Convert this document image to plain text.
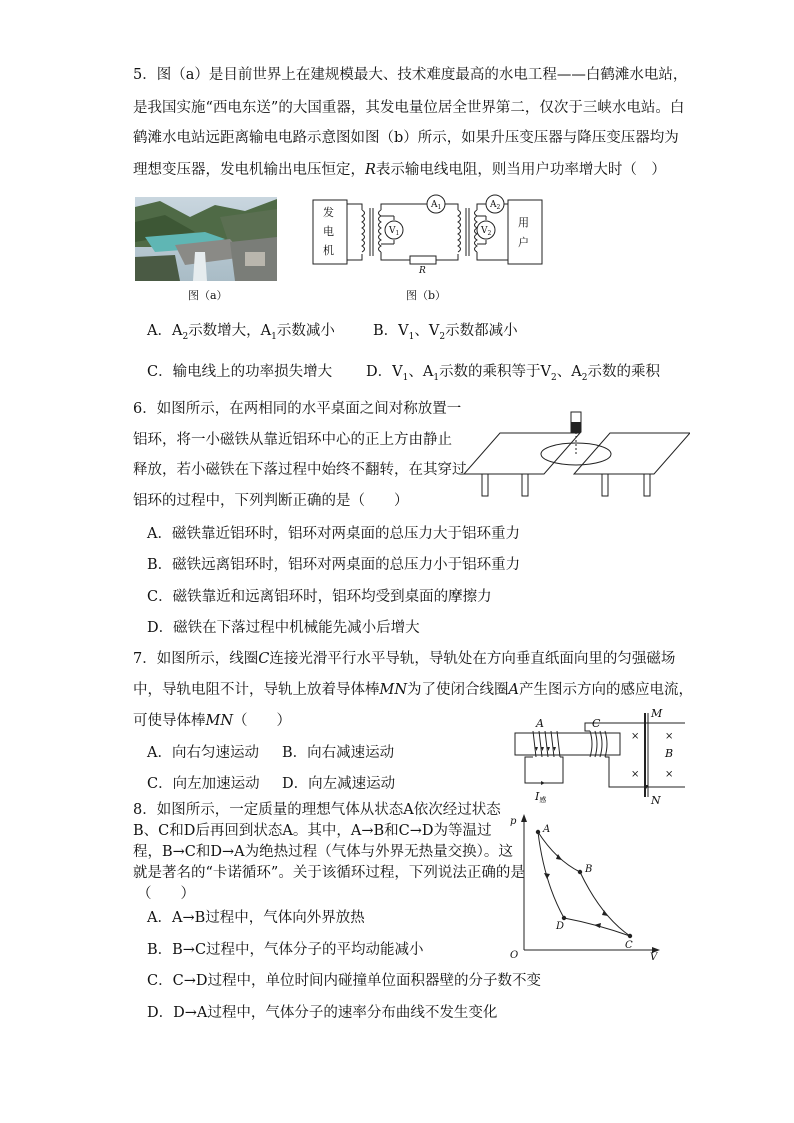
5．图（a）是目前世界上在建规模最大、技术难度最高的水电工程——白鹤滩水电站，
是我国实施“西电东送”的大国重器，其发电量位居全世界第二，仅次于三峡水电站。白
鹤滩水电站远距离输电电路示意图如图（b）所示，如果升压变压器与降压变压器均为
理想变压器，发电机输出电压恒定，R表示输电线电阻，则当用户功率增大时（　）
图（a）
发
电
机
用
户
$V_1$
$A_1$	$A_2$
$V_2$
R
图（b）
A．$A_2$示数增大，$A_1$示数减小	B．$V_1$、$V_2$示数都减小
C．输电线上的功率损失增大 D．$V_1$、$A_1$示数的乘积等于$V_2$、$A_2$示数的乘积
6．如图所示，在两相同的水平桌面之间对称放置一
铝环，将一小磁铁从靠近铝环中心的正上方由静止
释放，若小磁铁在下落过程中始终不翻转，在其穿过
铝环的过程中，下列判断正确的是（　　）
A．磁铁靠近铝环时，铝环对两桌面的总压力大于铝环重力
B．磁铁远离铝环时，铝环对两桌面的总压力小于铝环重力
C．磁铁靠近和远离铝环时，铝环均受到桌面的摩擦力
D．磁铁在下落过程中机械能先减小后增大
7．如图所示，线圈C连接光滑平行水平导轨，导轨处在方向垂直纸面向里的匀强磁场
中，导轨电阻不计，导轨上放着导体棒MN为了使闭合线圈A产生图示方向的感应电流，
可使导体棒MN（　　）
×
×
×
×
A	C
M
N
B
I感
A．向右匀速运动 B．向右减速运动
C．向左加速运动 D．向左减速运动
8．如图所示，一定质量的理想气体从状态A依次经过状态
B、C和D后再回到状态A。其中，A→B和C→D为等温过
程，B→C和D→A为绝热过程（气体与外界无热量交换）。这
就是著名的“卡诺循环”。关于该循环过程，下列说法正确的是
（　　）
p
V
O
A
B
C
D
A．A→B过程中，气体向外界放热
B．B→C过程中，气体分子的平均动能减小
C．C→D过程中，单位时间内碰撞单位面积器壁的分子数不变
D．D→A过程中，气体分子的速率分布曲线不发生变化
